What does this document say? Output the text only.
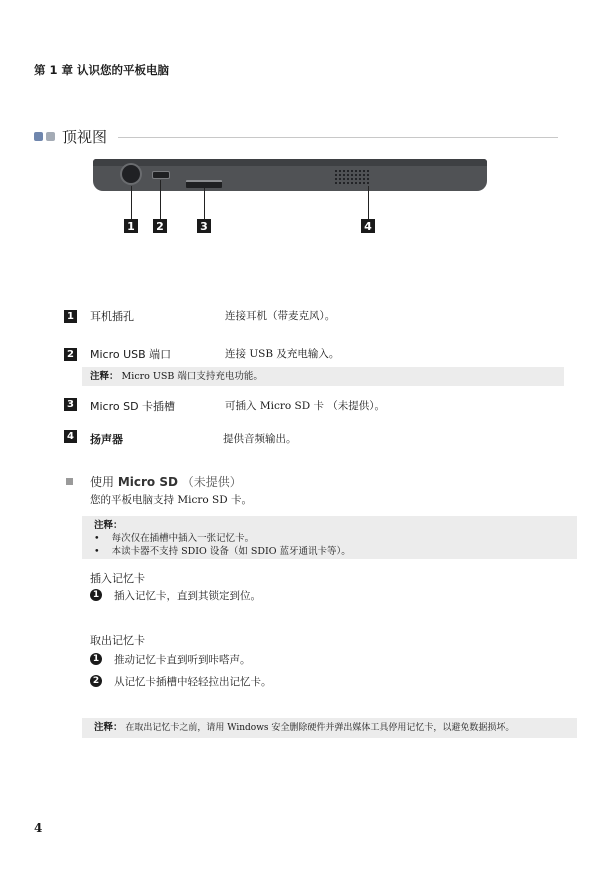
第 1 章 认识您的平板电脑
顶视图
1 2	3	4
1 耳机插孔	连接耳机（带麦克风）。
2 Micro USB 端口	连接 USB 及充电输入。
注释： Micro USB 端口支持充电功能。
3 Micro SD 卡插槽	可插入 Micro SD 卡 （未提供）。
4 扬声器	提供音频输出。
使用 Micro SD （未提供）
您的平板电脑支持 Micro SD 卡。
注释：
• 每次仅在插槽中插入一张记忆卡。
• 本读卡器不支持 SDIO 设备（如 SDIO 蓝牙通讯卡等）。
插入记忆卡
1 插入记忆卡，直到其锁定到位。
取出记忆卡
1 推动记忆卡直到听到咔嗒声。
2 从记忆卡插槽中轻轻拉出记忆卡。
注释： 在取出记忆卡之前，请用 Windows 安全删除硬件并弹出媒体工具停用记忆卡，以避免数据损坏。
4
